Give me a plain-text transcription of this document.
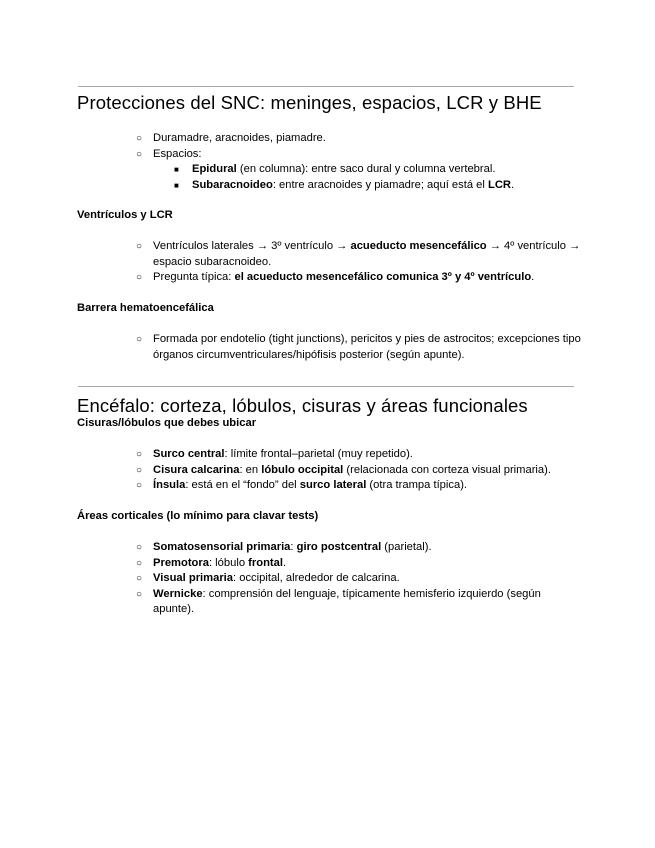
Protecciones del SNC: meninges, espacios, LCR y BHE
○ Duramadre, aracnoides, piamadre.
○ Espacios:
■ Epidural (en columna): entre saco dural y columna vertebral.
■ Subaracnoideo: entre aracnoides y piamadre; aquí está el LCR.
Ventrículos y LCR
○ Ventrículos laterales → 3º ventrículo → acueducto mesencefálico → 4º ventrículo → espacio subaracnoideo.
○ Pregunta típica: el acueducto mesencefálico comunica 3º y 4º ventrículo.
Barrera hematoencefálica
○ Formada por endotelio (tight junctions), pericitos y pies de astrocitos; excepciones tipo órganos circumventriculares/hipófisis posterior (según apunte).
Encéfalo: corteza, lóbulos, cisuras y áreas funcionales
Cisuras/lóbulos que debes ubicar
○ Surco central: límite frontal–parietal (muy repetido).
○ Cisura calcarina: en lóbulo occipital (relacionada con corteza visual primaria).
○ Ínsula: está en el “fondo” del surco lateral (otra trampa típica).
Áreas corticales (lo mínimo para clavar tests)
○ Somatosensorial primaria: giro postcentral (parietal).
○ Premotora: lóbulo frontal.
○ Visual primaria: occipital, alrededor de calcarina.
○ Wernicke: comprensión del lenguaje, típicamente hemisferio izquierdo (según apunte).
